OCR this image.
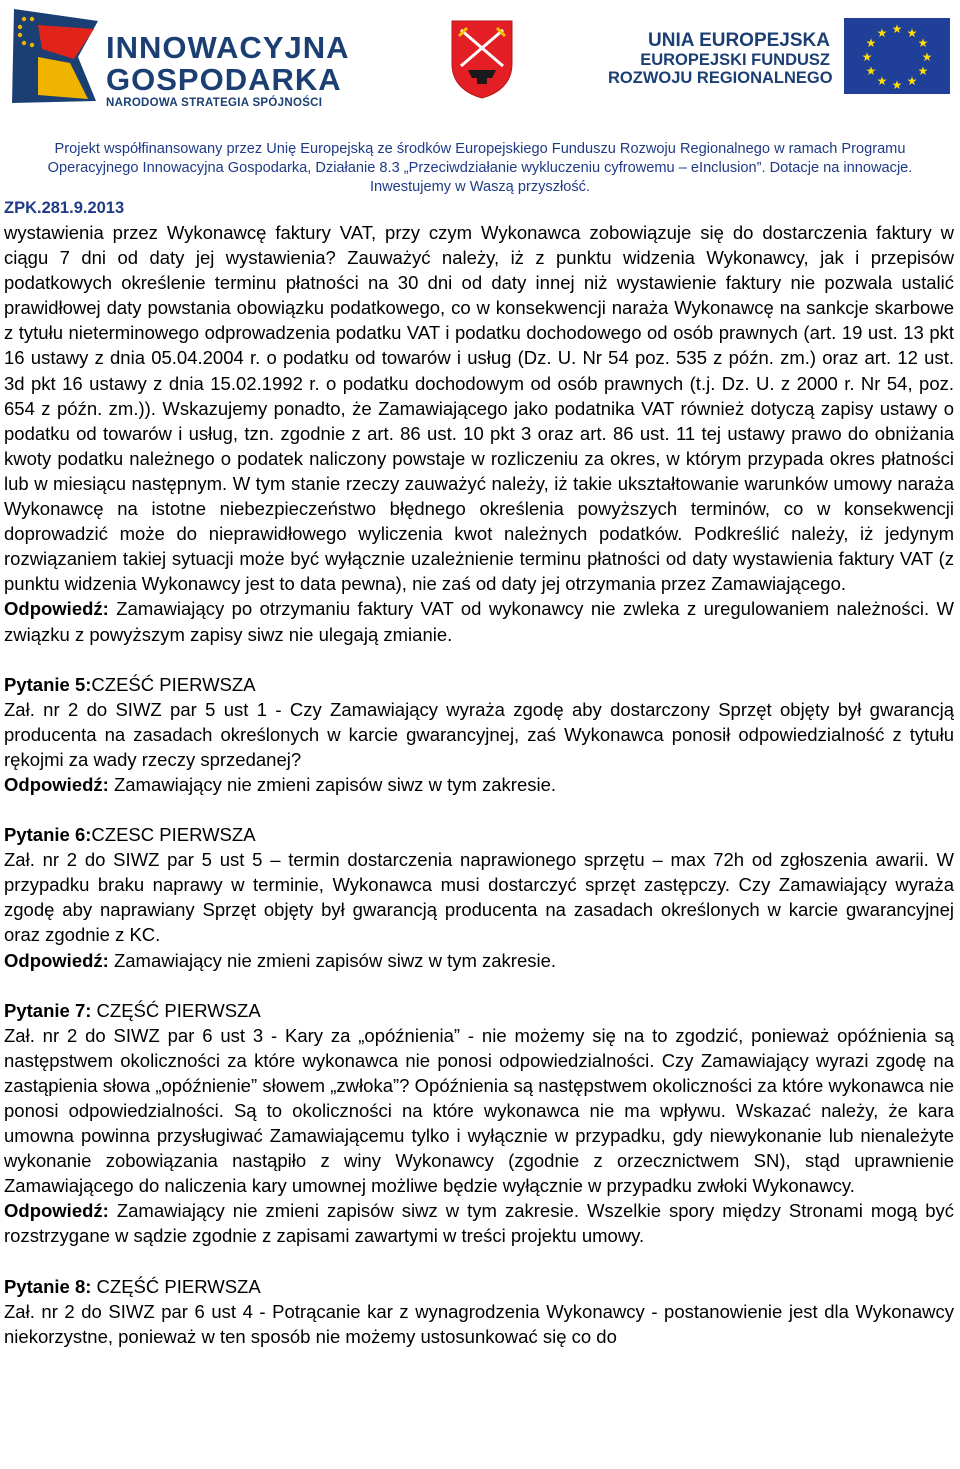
INNOWACYJNA
GOSPODARKA
NARODOWA STRATEGIA SPÓJNOŚCI
UNIA EUROPEJSKA
EUROPEJSKI FUNDUSZ
ROZWOJU REGIONALNEGO
★ ★
★
★
★
★
★
★
★
★
★
★
Projekt współfinansowany przez Unię Europejską ze środków Europejskiego Funduszu Rozwoju Regionalnego w ramach Programu
Operacyjnego Innowacyjna Gospodarka, Działanie 8.3 „Przeciwdziałanie wykluczeniu cyfrowemu – eInclusion”. Dotacje na innowacje.
Inwestujemy w Waszą przyszłość.
ZPK.281.9.2013

wystawienia przez Wykonawcę faktury VAT, przy czym Wykonawca zobowiązuje się do dostarczenia faktury w ciągu 7 dni od daty jej wystawienia? Zauważyć należy, iż z punktu widzenia Wykonawcy, jak i przepisów podatkowych określenie terminu płatności na 30 dni od daty innej niż wystawienie faktury nie pozwala ustalić prawidłowej daty powstania obowiązku podatkowego, co w konsekwencji naraża Wykonawcę na sankcje skarbowe z tytułu nieterminowego odprowadzenia podatku VAT i podatku dochodowego od osób prawnych (art. 19 ust. 13 pkt 16 ustawy z dnia 05.04.2004 r. o podatku od towarów i usług (Dz. U. Nr 54 poz. 535 z późn. zm.) oraz art. 12 ust. 3d pkt 16 ustawy z dnia 15.02.1992 r. o podatku dochodowym od osób prawnych (t.j. Dz. U. z 2000 r. Nr 54, poz. 654 z późn. zm.)). Wskazujemy ponadto, że Zamawiającego jako podatnika VAT również dotyczą zapisy ustawy o podatku od towarów i usług, tzn. zgodnie z art. 86 ust. 10 pkt 3 oraz art. 86 ust. 11 tej ustawy prawo do obniżania kwoty podatku należnego o podatek naliczony powstaje w rozliczeniu za okres, w którym przypada okres płatności lub w miesiącu następnym. W tym stanie rzeczy zauważyć należy, iż takie ukształtowanie warunków umowy naraża Wykonawcę na istotne niebezpieczeństwo błędnego określenia powyższych terminów, co w konsekwencji doprowadzić może do nieprawidłowego wyliczenia kwot należnych podatków. Podkreślić należy, iż jedynym rozwiązaniem takiej sytuacji może być wyłącznie uzależnienie terminu płatności od daty wystawienia faktury VAT (z punktu widzenia Wykonawcy jest to data pewna), nie zaś od daty jej otrzymania przez Zamawiającego.

Odpowiedź: Zamawiający po otrzymaniu faktury VAT od wykonawcy nie zwleka z uregulowaniem należności. W związku z powyższym zapisy siwz nie ulegają zmianie.

Pytanie 5:CZEŚĆ PIERWSZA

Zał. nr 2 do SIWZ par 5 ust 1 - Czy Zamawiający wyraża zgodę aby dostarczony Sprzęt objęty był gwarancją producenta na zasadach określonych w karcie gwarancyjnej, zaś Wykonawca ponosił odpowiedzialność z tytułu rękojmi za wady rzeczy sprzedanej?

Odpowiedź: Zamawiający nie zmieni zapisów siwz w tym zakresie.

Pytanie 6:CZESC PIERWSZA

Zał. nr 2 do SIWZ par 5 ust 5 – termin dostarczenia naprawionego sprzętu – max 72h od zgłoszenia awarii. W przypadku braku naprawy w terminie, Wykonawca musi dostarczyć sprzęt zastępczy. Czy Zamawiający wyraża zgodę aby naprawiany Sprzęt objęty był gwarancją producenta na zasadach określonych w karcie gwarancyjnej oraz zgodnie z KC.

Odpowiedź: Zamawiający nie zmieni zapisów siwz w tym zakresie.

Pytanie 7: CZĘŚĆ PIERWSZA

Zał. nr 2 do SIWZ par 6 ust 3 - Kary za „opóźnienia” - nie możemy się na to zgodzić, ponieważ opóźnienia są następstwem okoliczności za które wykonawca nie ponosi odpowiedzialności. Czy Zamawiający wyrazi zgodę na zastąpienia słowa „opóźnienie” słowem „zwłoka”? Opóźnienia są następstwem okoliczności za które wykonawca nie ponosi odpowiedzialności. Są to okoliczności na które wykonawca nie ma wpływu. Wskazać należy, że kara umowna powinna przysługiwać Zamawiającemu tylko i wyłącznie w przypadku, gdy niewykonanie lub nienależyte wykonanie zobowiązania nastąpiło z winy Wykonawcy (zgodnie z orzecznictwem SN), stąd uprawnienie Zamawiającego do naliczenia kary umownej możliwe będzie wyłącznie w przypadku zwłoki Wykonawcy.

Odpowiedź: Zamawiający nie zmieni zapisów siwz w tym zakresie. Wszelkie spory między Stronami mogą być rozstrzygane w sądzie zgodnie z zapisami zawartymi w treści projektu umowy.

Pytanie 8: CZĘŚĆ PIERWSZA

Zał. nr 2 do SIWZ par 6 ust 4 - Potrącanie kar z wynagrodzenia Wykonawcy - postanowienie jest dla Wykonawcy niekorzystne, ponieważ w ten sposób nie możemy ustosunkować się co do
